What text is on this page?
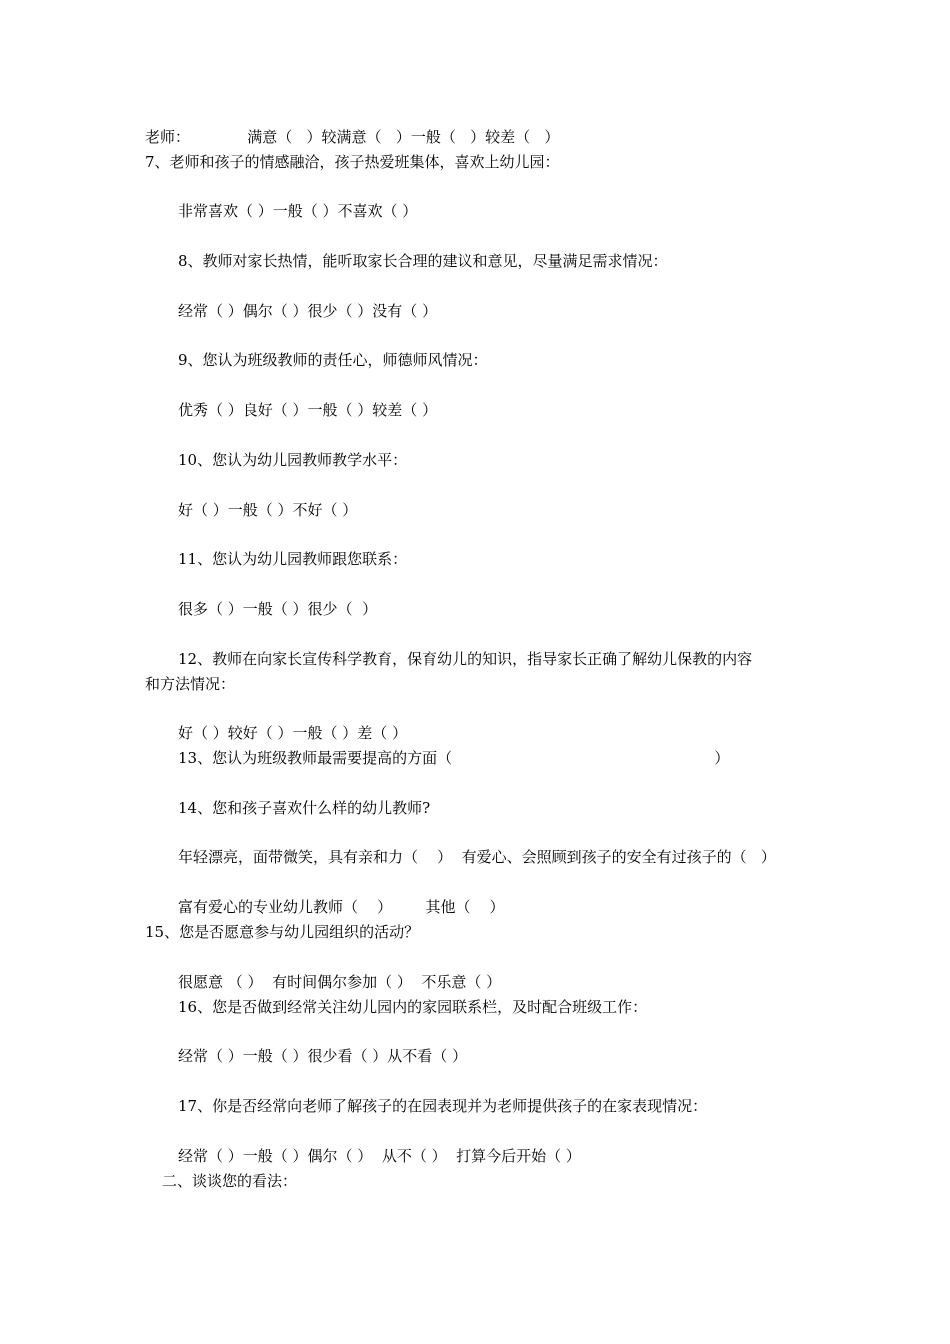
老师：            满意（   ）较满意（   ）一般（   ）较差（   ）
7、老师和孩子的情感融洽，孩子热爱班集体，喜欢上幼儿园：
非常喜欢（ ）一般（ ）不喜欢（ ）
8、教师对家长热情，能听取家长合理的建议和意见，尽量满足需求情况：
经常（ ）偶尔（ ）很少（ ）没有（ ）
9、您认为班级教师的责任心，师德师风情况：
优秀（ ）良好（ ）一般（ ）较差（ ）
10、您认为幼儿园教师教学水平：
好（ ）一般（ ）不好（ ）
11、您认为幼儿园教师跟您联系：
很多（ ）一般（ ）很少（  ）
12、教师在向家长宣传科学教育，保育幼儿的知识，指导家长正确了解幼儿保教的内容
和方法情况：
好（ ）较好（ ）一般（ ）差（ ）
13、您认为班级教师最需要提高的方面（                                                       ）
14、您和孩子喜欢什么样的幼儿教师?
年轻漂亮，面带微笑，具有亲和力（    ）  有爱心、会照顾到孩子的安全有过孩子的（   ）
富有爱心的专业幼儿教师（    ）       其他（    ）
15、您是否愿意参与幼儿园组织的活动？
很愿意 （ ）  有时间偶尔参加（ ）  不乐意（ ）
16、您是否做到经常关注幼儿园内的家园联系栏，及时配合班级工作：
经常（ ）一般（ ）很少看（ ）从不看（ ）
17、你是否经常向老师了解孩子的在园表现并为老师提供孩子的在家表现情况：
经常（ ）一般（ ）偶尔（ ）  从不（ ）  打算今后开始（ ）
二、谈谈您的看法：
